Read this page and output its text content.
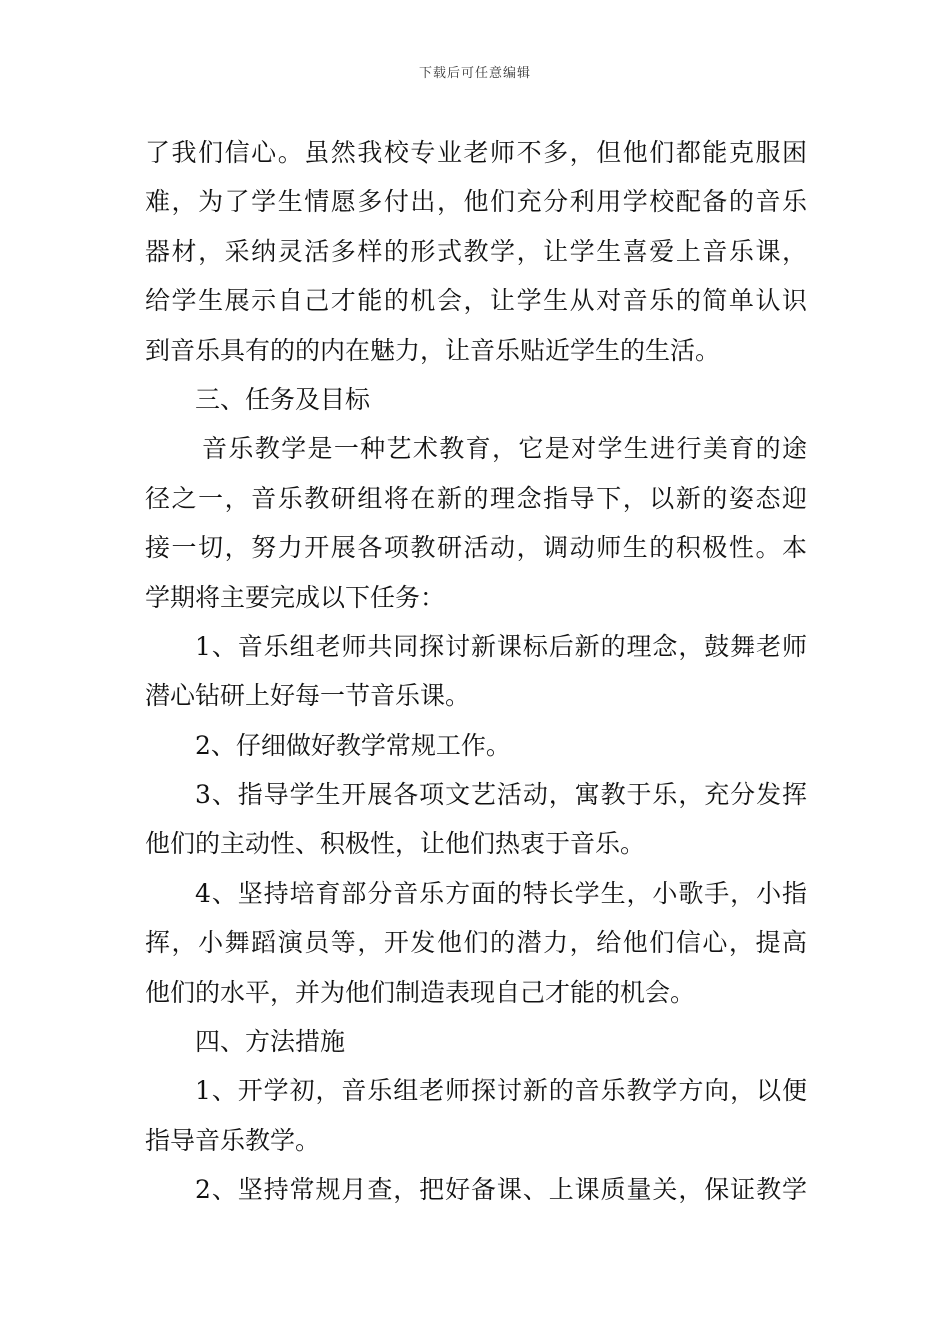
下载后可任意编辑
了我们信心。虽然我校专业老师不多，但他们都能克服困
难，为了学生情愿多付出，他们充分利用学校配备的音乐
器材，采纳灵活多样的形式教学，让学生喜爱上音乐课，
给学生展示自己才能的机会，让学生从对音乐的简单认识
到音乐具有的的内在魅力，让音乐贴近学生的生活。
三、任务及目标
音乐教学是一种艺术教育，它是对学生进行美育的途
径之一，音乐教研组将在新的理念指导下，以新的姿态迎
接一切，努力开展各项教研活动，调动师生的积极性。本
学期将主要完成以下任务：
1、音乐组老师共同探讨新课标后新的理念，鼓舞老师
潜心钻研上好每一节音乐课。
2、仔细做好教学常规工作。
3、指导学生开展各项文艺活动，寓教于乐，充分发挥
他们的主动性、积极性，让他们热衷于音乐。
4、坚持培育部分音乐方面的特长学生，小歌手，小指
挥，小舞蹈演员等，开发他们的潜力，给他们信心，提高
他们的水平，并为他们制造表现自己才能的机会。
四、方法措施
1、开学初，音乐组老师探讨新的音乐教学方向，以便
指导音乐教学。
2、坚持常规月查，把好备课、上课质量关，保证教学
